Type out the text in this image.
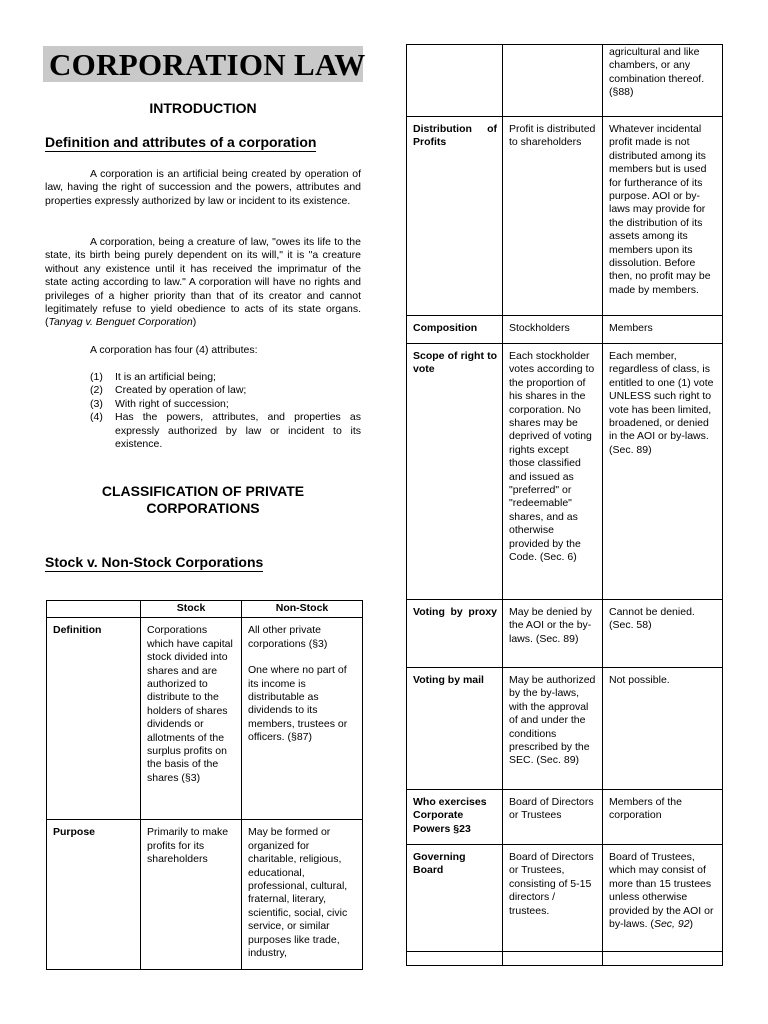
CORPORATION LAW
INTRODUCTION
Definition and attributes of a corporation
A corporation is an artificial being created by operation of law, having the right of succession and the powers, attributes and properties expressly authorized by law or incident to its existence.
A corporation, being a creature of law, "owes its life to the state, its birth being purely dependent on its will," it is "a creature without any existence until it has received the imprimatur of the state acting according to law." A corporation will have no rights and privileges of a higher priority than that of its creator and cannot legitimately refuse to yield obedience to acts of its state organs. (Tanyag v. Benguet Corporation)
A corporation has four (4) attributes:
(1) It is an artificial being;
(2) Created by operation of law;
(3) With right of succession;
(4) Has the powers, attributes, and properties as expressly authorized by law or incident to its existence.
CLASSIFICATION OF PRIVATE
CORPORATIONS
Stock v. Non-Stock Corporations
	Stock	Non-Stock
Definition	Corporations which have capital stock divided into shares and are authorized to distribute to the holders of shares dividends or allotments of the surplus profits on the basis of the shares (§3)	All other private corporations (§3)
One where no part of its income is distributable as dividends to its members, trustees or officers. (§87)

Purpose	Primarily to make profits for its shareholders	May be formed or organized for charitable, religious, educational, professional, cultural, fraternal, literary, scientific, social, civic service, or similar purposes like trade, industry,
		agricultural and like chambers, or any combination thereof. (§88)
Distribution of Profits	Profit is distributed to shareholders	Whatever incidental profit made is not distributed among its members but is used for furtherance of its purpose. AOI or by-laws may provide for the distribution of its assets among its members upon its dissolution. Before then, no profit may be made by members.
Composition	Stockholders	Members
Scope of right to vote	Each stockholder votes according to the proportion of his shares in the corporation. No shares may be deprived of voting rights except those classified and issued as "preferred" or "redeemable" shares, and as otherwise provided by the Code. (Sec. 6)	Each member, regardless of class, is entitled to one (1) vote UNLESS such right to vote has been limited, broadened, or denied in the AOI or by-laws. (Sec. 89)
Voting by proxy	May be denied by the AOI or the by-laws. (Sec. 89)	Cannot be denied. (Sec. 58)
Voting by mail	May be authorized by the by-laws, with the approval of and under the conditions prescribed by the SEC. (Sec. 89)	Not possible.
Who exercises Corporate Powers §23	Board of Directors or Trustees	Members of the corporation
Governing Board	Board of Directors or Trustees, consisting of 5-15 directors / trustees.	Board of Trustees, which may consist of more than 15 trustees unless otherwise provided by the AOI or by-laws. (Sec, 92)
